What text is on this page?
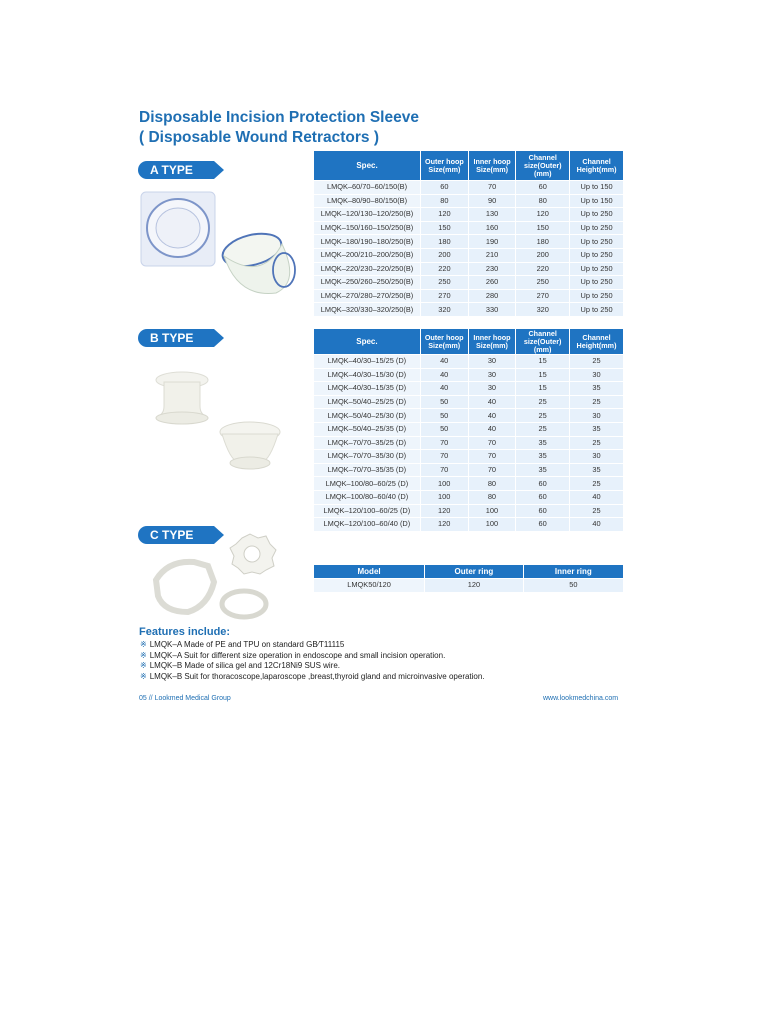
Disposable Incision Protection Sleeve
( Disposable Wound Retractors )
A TYPE	Spec.	Outer hoop Size(mm)	Inner hoop Size(mm)	Channel size(Outer) (mm)	Channel Height(mm)
LMQK–60/70–60/150(B)	60	70	60	Up to 150
LMQK–80/90–80/150(B)	80	90	80	Up to 150
LMQK–120/130–120/250(B)	120	130	120	Up to 250
LMQK–150/160–150/250(B)	150	160	150	Up to 250
LMQK–180/190–180/250(B)	180	190	180	Up to 250
LMQK–200/210–200/250(B)	200	210	200	Up to 250
LMQK–220/230–220/250(B)	220	230	220	Up to 250
LMQK–250/260–250/250(B)	250	260	250	Up to 250
LMQK–270/280–270/250(B)	270	280	270	Up to 250
LMQK–320/330–320/250(B)	320	330	320	Up to 250
B TYPE	Spec.	Outer hoop Size(mm)	Inner hoop Size(mm)	Channel size(Outer) (mm)	Channel Height(mm)
LMQK–40/30–15/25 (D)	40	30	15	25
LMQK–40/30–15/30 (D)	40	30	15	30
LMQK–40/30–15/35 (D)	40	30	15	35
LMQK–50/40–25/25 (D)	50	40	25	25
LMQK–50/40–25/30 (D)	50	40	25	30
LMQK–50/40–25/35 (D)	50	40	25	35
LMQK–70/70–35/25 (D)	70	70	35	25
LMQK–70/70–35/30 (D)	70	70	35	30
LMQK–70/70–35/35 (D)	70	70	35	35
LMQK–100/80–60/25 (D)	100	80	60	25
LMQK–100/80–60/40 (D)	100	80	60	40
LMQK–120/100–60/25 (D)	120	100	60	25
LMQK–120/100–60/40 (D)	120	100	60	40
C TYPE
Model	Outer ring	Inner ring
LMQK50/120	120	50
Features include:
※ LMQK–A Made of PE and TPU on standard GB∕T11115
※ LMQK–A Suit for different size operation in endoscope and small incision operation.
※ LMQK–B Made of silica gel and 12Cr18Ni9 SUS wire.
※ LMQK–B Suit for thoracoscope,laparoscope ,breast,thyroid gland and microinvasive operation.
05 // Lookmed Medical Group	www.lookmedchina.com
